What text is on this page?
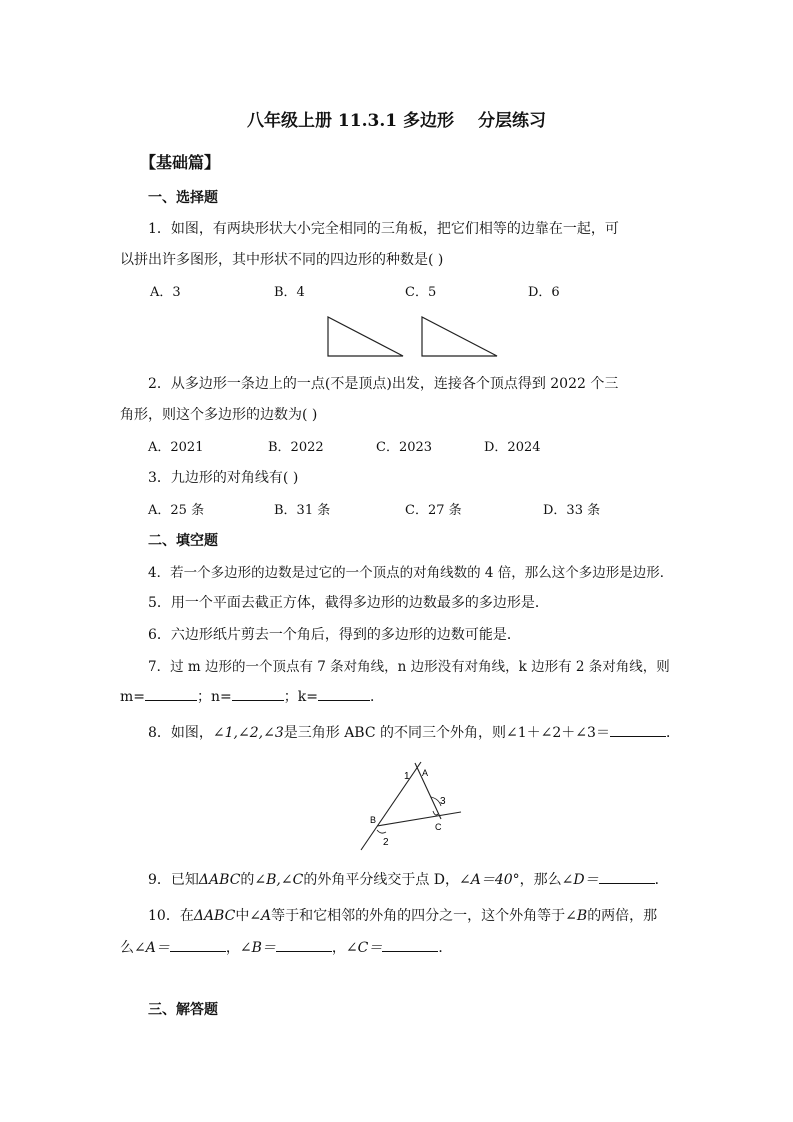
八年级上册 11.3.1 多边形 分层练习
【基础篇】
一、选择题
1．如图，有两块形状大小完全相同的三角板，把它们相等的边靠在一起，可
以拼出许多图形，其中形状不同的四边形的种数是( )
A．3	B．4	C．5	D．6
2．从多边形一条边上的一点(不是顶点)出发，连接各个顶点得到 2022 个三
角形，则这个多边形的边数为( )
A．2021	B．2022	C．2023	D．2024
3．九边形的对角线有( )
A．25 条	B．31 条	C．27 条	D．33 条
二、填空题
4．若一个多边形的边数是过它的一个顶点的对角线数的 4 倍，那么这个多边形是边形．
5．用一个平面去截正方体，截得多边形的边数最多的多边形是．
6．六边形纸片剪去一个角后，得到的多边形的边数可能是．
7．过 m 边形的一个顶点有 7 条对角线，n 边形没有对角线，k 边形有 2 条对角线，则
m=	；n=	；k=	．
8．如图，∠1,∠2,∠3是三角形 ABC 的不同三个外角，则∠1＋∠2＋∠3＝	．
1 A
3
B
C
2
9．已知ΔABC的∠B,∠C的外角平分线交于点 D，∠A＝40°，那么∠D＝	．
10．在ΔABC中∠A等于和它相邻的外角的四分之一，这个外角等于∠B的两倍，那
么∠A＝	，∠B＝	，∠C＝	．
三、解答题
